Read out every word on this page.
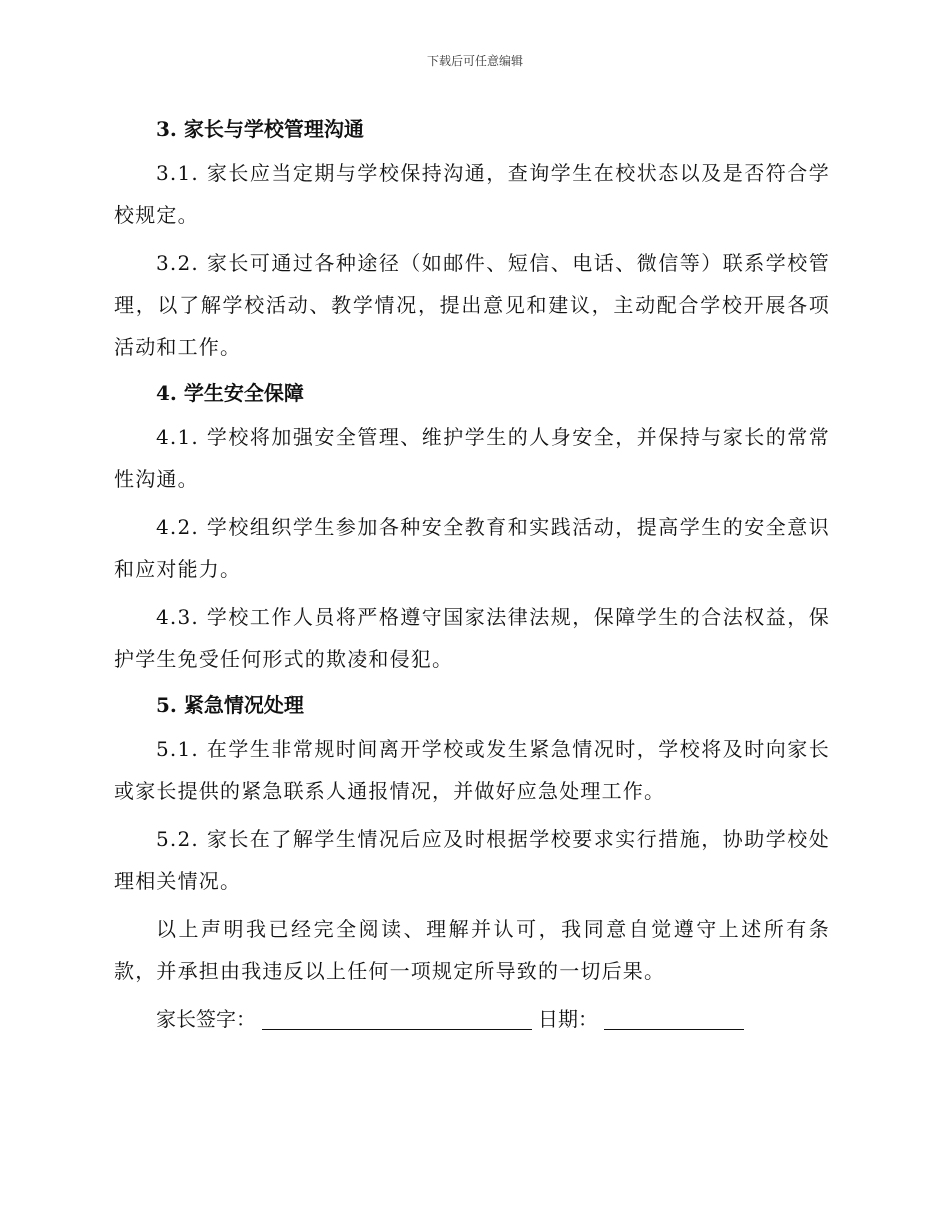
下载后可任意编辑

3. 家长与学校管理沟通

3.1. 家长应当定期与学校保持沟通，查询学生在校状态以及是否符合学校规定。

3.2. 家长可通过各种途径（如邮件、短信、电话、微信等）联系学校管理，以了解学校活动、教学情况，提出意见和建议，主动配合学校开展各项活动和工作。

4. 学生安全保障

4.1. 学校将加强安全管理、维护学生的人身安全，并保持与家长的常常性沟通。

4.2. 学校组织学生参加各种安全教育和实践活动，提高学生的安全意识和应对能力。

4.3. 学校工作人员将严格遵守国家法律法规，保障学生的合法权益，保护学生免受任何形式的欺凌和侵犯。

5. 紧急情况处理

5.1. 在学生非常规时间离开学校或发生紧急情况时，学校将及时向家长或家长提供的紧急联系人通报情况，并做好应急处理工作。

5.2. 家长在了解学生情况后应及时根据学校要求实行措施，协助学校处理相关情况。

以上声明我已经完全阅读、理解并认可，我同意自觉遵守上述所有条款，并承担由我违反以上任何一项规定所导致的一切后果。

家长签字：	日期：
